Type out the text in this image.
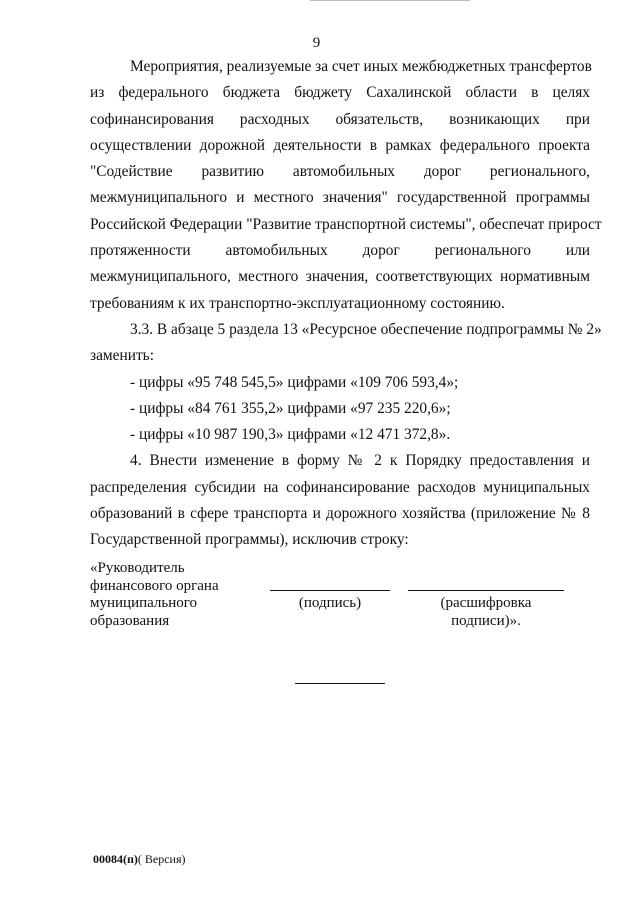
9

Мероприятия, реализуемые за счет иных межбюджетных трансфертов
из федерального бюджета бюджету Сахалинской области в целях
софинансирования расходных обязательств, возникающих при
осуществлении дорожной деятельности в рамках федерального проекта
"Содействие развитию автомобильных дорог регионального,
межмуниципального и местного значения" государственной программы
Российской Федерации "Развитие транспортной системы", обеспечат прирост
протяженности автомобильных дорог регионального или
межмуниципального, местного значения, соответствующих нормативным
требованиям к их транспортно-эксплуатационному состоянию.

3.3. В абзаце 5 раздела 13 «Ресурсное обеспечение подпрограммы № 2»
заменить:

- цифры «95 748 545,5» цифрами «109 706 593,4»;
- цифры «84 761 355,2» цифрами «97 235 220,6»;
- цифры «10 987 190,3» цифрами «12 471 372,8».

4. Внести изменение в форму № 2 к Порядку предоставления и
распределения субсидии на софинансирование расходов муниципальных
образований в сфере транспорта и дорожного хозяйства (приложение № 8
Государственной программы), исключив строку:

«Руководитель
финансового органа
муниципального
образования
(подпись)	(расшифровка
подписи)».
00084(п)( Версия)
